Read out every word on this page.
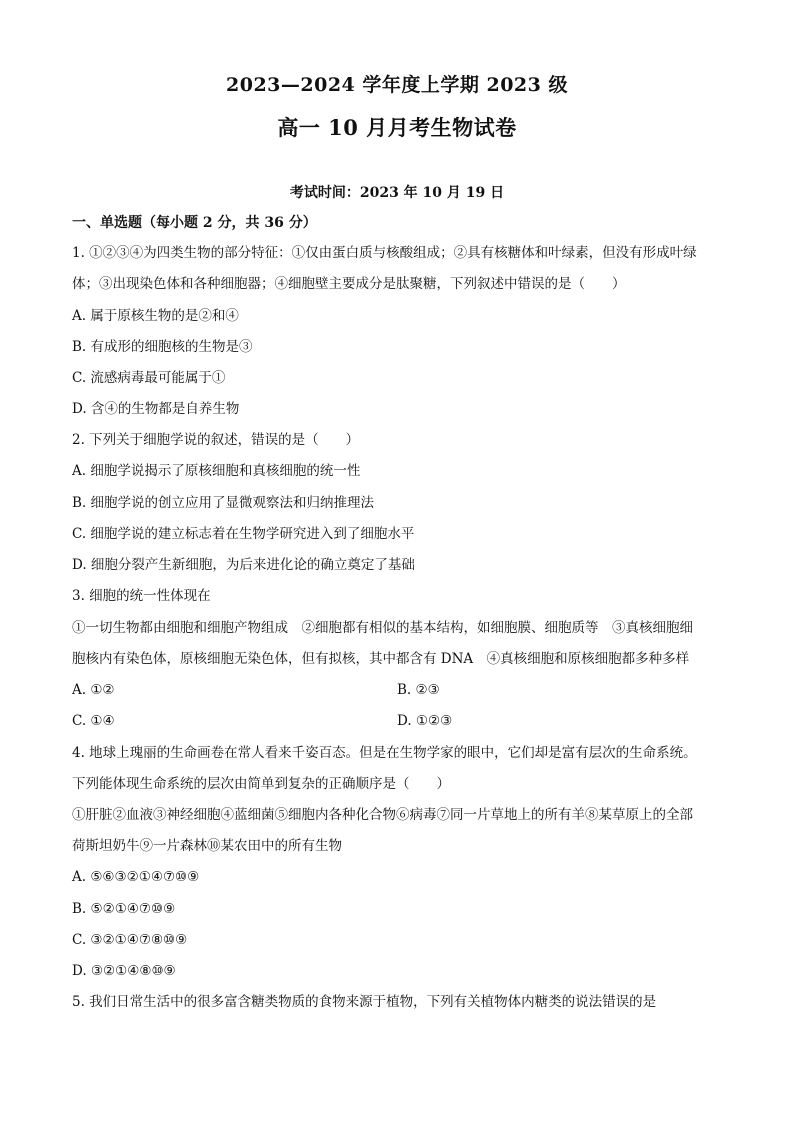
2023—2024 学年度上学期 2023 级
高一 10 月月考生物试卷
考试时间：2023 年 10 月 19 日
一、单选题（每小题 2 分，共 36 分）
1. ①②③④为四类生物的部分特征：①仅由蛋白质与核酸组成；②具有核糖体和叶绿素，但没有形成叶绿
体；③出现染色体和各种细胞器；④细胞壁主要成分是肽聚糖，下列叙述中错误的是（　　）
A. 属于原核生物的是②和④
B. 有成形的细胞核的生物是③
C. 流感病毒最可能属于①
D. 含④的生物都是自养生物
2. 下列关于细胞学说的叙述，错误的是（　　）
A. 细胞学说揭示了原核细胞和真核细胞的统一性
B. 细胞学说的创立应用了显微观察法和归纳推理法
C. 细胞学说的建立标志着在生物学研究进入到了细胞水平
D. 细胞分裂产生新细胞，为后来进化论的确立奠定了基础
3. 细胞的统一性体现在
①一切生物都由细胞和细胞产物组成　②细胞都有相似的基本结构，如细胞膜、细胞质等　③真核细胞细
胞核内有染色体，原核细胞无染色体，但有拟核，其中都含有 DNA　④真核细胞和原核细胞都多种多样
A. ①②	B. ②③
C. ①④	D. ①②③
4. 地球上瑰丽的生命画卷在常人看来千姿百态。但是在生物学家的眼中，它们却是富有层次的生命系统。
下列能体现生命系统的层次由简单到复杂的正确顺序是（　　）
①肝脏②血液③神经细胞④蓝细菌⑤细胞内各种化合物⑥病毒⑦同一片草地上的所有羊⑧某草原上的全部
荷斯坦奶牛⑨一片森林⑩某农田中的所有生物
A. ⑤⑥③②①④⑦⑩⑨
B. ⑤②①④⑦⑩⑨
C. ③②①④⑦⑧⑩⑨
D. ③②①④⑧⑩⑨
5. 我们日常生活中的很多富含糖类物质的食物来源于植物，下列有关植物体内糖类的说法错误的是
